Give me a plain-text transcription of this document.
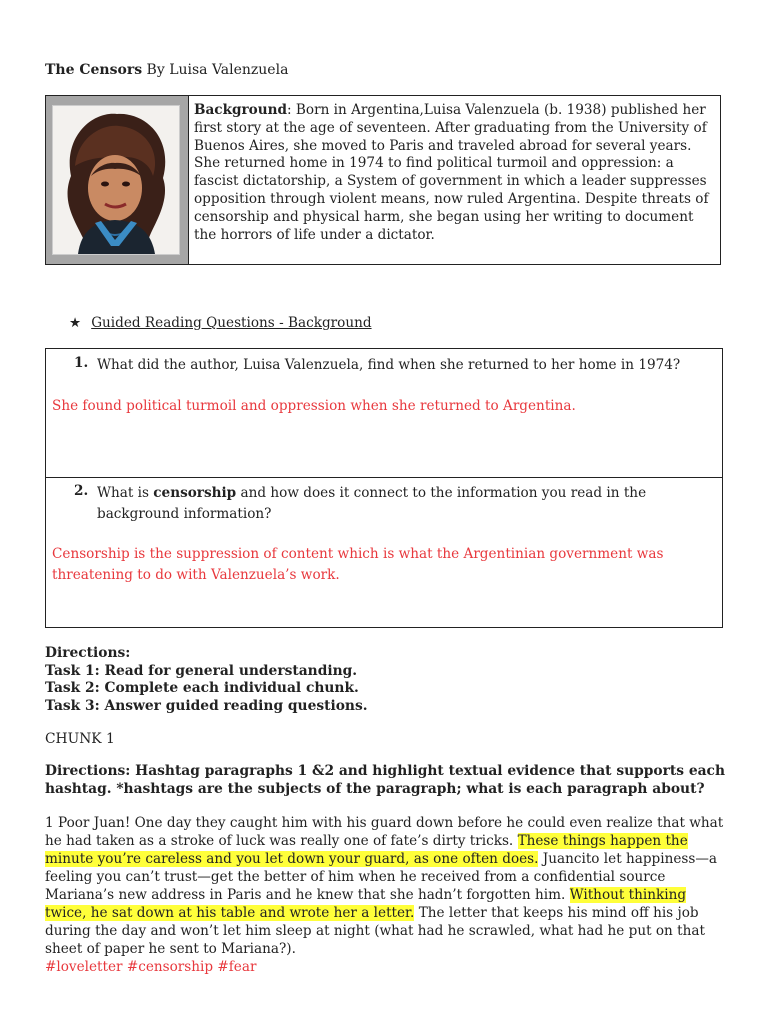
The Censors By Luisa Valenzuela
Background: Born in Argentina,Luisa Valenzuela (b. 1938) published her first story at the age of seventeen. After graduating from the University of Buenos Aires, she moved to Paris and traveled abroad for several years. She returned home in 1974 to find political turmoil and oppression: a fascist dictatorship, a System of government in which a leader suppresses opposition through violent means, now ruled Argentina. Despite threats of censorship and physical harm, she began using her writing to document the horrors of life under a dictator.
★ Guided Reading Questions - Background
1. What did the author, Luisa Valenzuela, find when she returned to her home in 1974?
She found political turmoil and oppression when she returned to Argentina.
2. What is censorship and how does it connect to the information you read in the background information?
Censorship is the suppression of content which is what the Argentinian government was threatening to do with Valenzuela’s work.
Directions:
Task 1: Read for general understanding.
Task 2: Complete each individual chunk.
Task 3: Answer guided reading questions.
CHUNK 1
Directions: Hashtag paragraphs 1 &2 and highlight textual evidence that supports each hashtag. *hashtags are the subjects of the paragraph; what is each paragraph about?
1 Poor Juan! One day they caught him with his guard down before he could even realize that what he had taken as a stroke of luck was really one of fate’s dirty tricks. These things happen the minute you’re careless and you let down your guard, as one often does. Juancito let happiness—a feeling you can’t trust—get the better of him when he received from a confidential source Mariana’s new address in Paris and he knew that she hadn’t forgotten him. Without thinking twice, he sat down at his table and wrote her a letter. The letter that keeps his mind off his job during the day and won’t let him sleep at night (what had he scrawled, what had he put on that sheet of paper he sent to Mariana?).
#loveletter #censorship #fear
